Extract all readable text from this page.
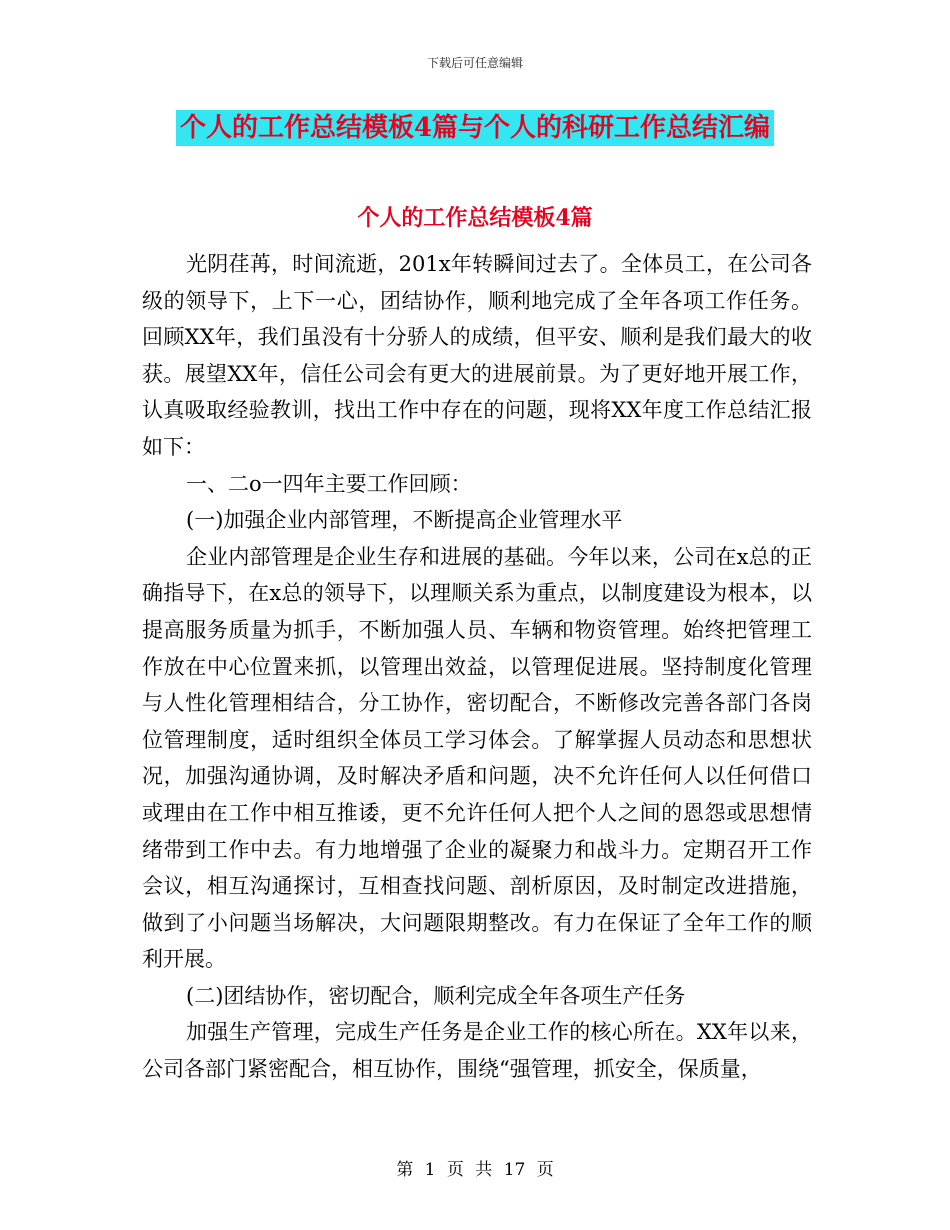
下载后可任意编辑
个人的工作总结模板4篇与个人的科研工作总结汇编
个人的工作总结模板4篇

光阴荏苒，时间流逝，201x年转瞬间过去了。全体员工，在公司各级的领导下，上下一心，团结协作，顺利地完成了全年各项工作任务。回顾XX年，我们虽没有十分骄人的成绩，但平安、顺利是我们最大的收获。展望XX年，信任公司会有更大的进展前景。为了更好地开展工作，认真吸取经验教训，找出工作中存在的问题，现将XX年度工作总结汇报如下：

一、二o一四年主要工作回顾：

(一)加强企业内部管理，不断提高企业管理水平

企业内部管理是企业生存和进展的基础。今年以来，公司在x总的正确指导下，在x总的领导下，以理顺关系为重点，以制度建设为根本，以提高服务质量为抓手，不断加强人员、车辆和物资管理。始终把管理工作放在中心位置来抓，以管理出效益，以管理促进展。坚持制度化管理与人性化管理相结合，分工协作，密切配合，不断修改完善各部门各岗位管理制度，适时组织全体员工学习体会。了解掌握人员动态和思想状况，加强沟通协调，及时解决矛盾和问题，决不允许任何人以任何借口或理由在工作中相互推诿，更不允许任何人把个人之间的恩怨或思想情绪带到工作中去。有力地增强了企业的凝聚力和战斗力。定期召开工作会议，相互沟通探讨，互相查找问题、剖析原因，及时制定改进措施，做到了小问题当场解决，大问题限期整改。有力在保证了全年工作的顺利开展。

(二)团结协作，密切配合，顺利完成全年各项生产任务

加强生产管理，完成生产任务是企业工作的核心所在。XX年以来，公司各部门紧密配合，相互协作，围绕“强管理，抓安全，保质量，

第 1 页 共 17 页
